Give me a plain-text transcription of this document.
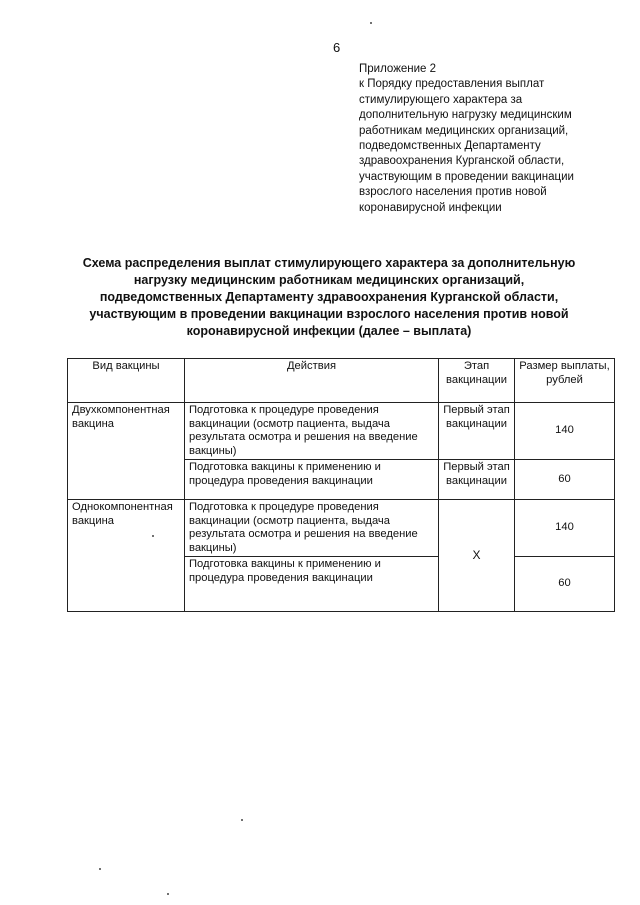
6
Приложение 2
к Порядку предоставления выплат
стимулирующего характера за
дополнительную нагрузку медицинским
работникам медицинских организаций,
подведомственных Департаменту
здравоохранения Курганской области,
участвующим в проведении вакцинации
взрослого населения против новой
коронавирусной инфекции
Схема распределения выплат стимулирующего характера за дополнительную
нагрузку медицинским работникам медицинских организаций,
подведомственных Департаменту здравоохранения Курганской области,
участвующим в проведении вакцинации взрослого населения против новой
коронавирусной инфекции (далее – выплата)
Вид вакцины	Действия	Этап вакцинации	Размер выплаты, рублей
Двухкомпонентная вакцина	Подготовка к процедуре проведения вакцинации (осмотр пациента, выдача результата осмотра и решения на введение вакцины)	Первый этап вакцинации	140
	Подготовка вакцины к применению и процедура проведения вакцинации	Первый этап вакцинации	60
Однокомпонентная вакцина	Подготовка к процедуре проведения вакцинации (осмотр пациента, выдача результата осмотра и решения на введение вакцины)	X	140
	Подготовка вакцины к применению и процедура проведения вакцинации		60
